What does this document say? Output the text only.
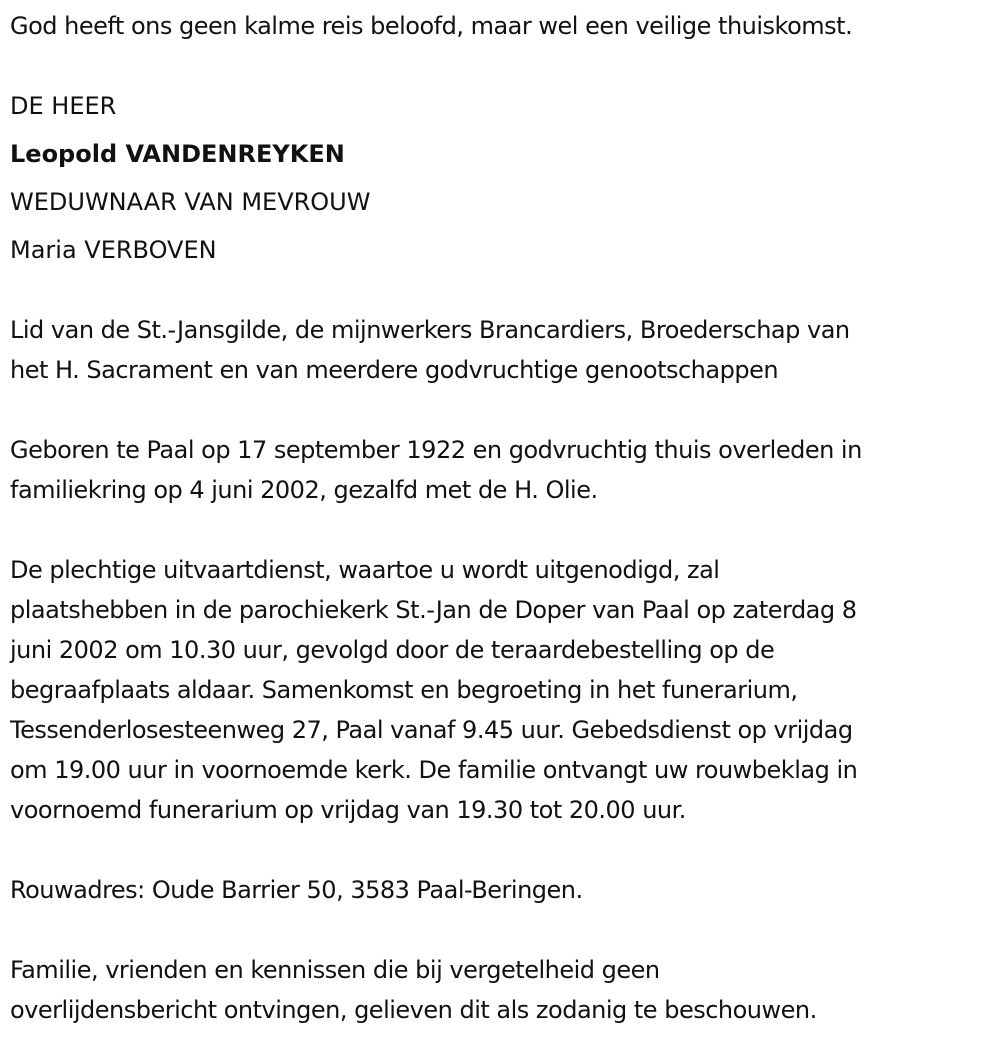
God heeft ons geen kalme reis beloofd, maar wel een veilige thuiskomst.

DE HEER

Leopold VANDENREYKEN

WEDUWNAAR VAN MEVROUW

Maria VERBOVEN

Lid van de St.-Jansgilde, de mijnwerkers Brancardiers, Broederschap van

het H. Sacrament en van meerdere godvruchtige genootschappen

Geboren te Paal op 17 september 1922 en godvruchtig thuis overleden in

familiekring op 4 juni 2002, gezalfd met de H. Olie.

De plechtige uitvaartdienst, waartoe u wordt uitgenodigd, zal

plaatshebben in de parochiekerk St.-Jan de Doper van Paal op zaterdag 8

juni 2002 om 10.30 uur, gevolgd door de teraardebestelling op de

begraafplaats aldaar. Samenkomst en begroeting in het funerarium,

Tessenderlosesteenweg 27, Paal vanaf 9.45 uur. Gebedsdienst op vrijdag

om 19.00 uur in voornoemde kerk. De familie ontvangt uw rouwbeklag in

voornoemd funerarium op vrijdag van 19.30 tot 20.00 uur.

Rouwadres: Oude Barrier 50, 3583 Paal-Beringen.

Familie, vrienden en kennissen die bij vergetelheid geen

overlijdensbericht ontvingen, gelieven dit als zodanig te beschouwen.
